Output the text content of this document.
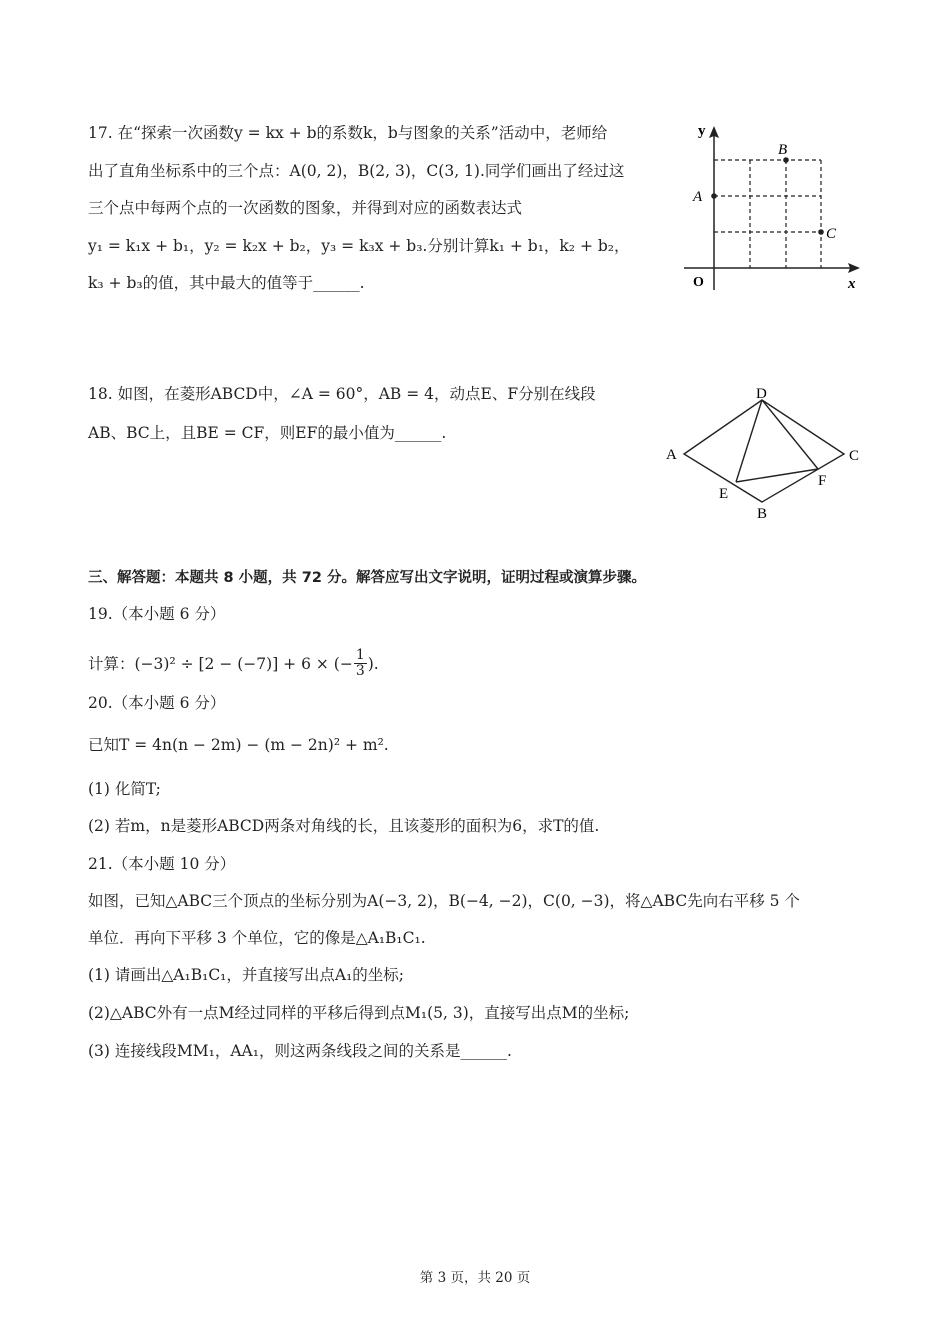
17. 在“探索一次函数y = kx + b的系数k，b与图象的关系”活动中，老师给
出了直角坐标系中的三个点：A(0, 2)，B(2, 3)，C(3, 1).同学们画出了经过这
三个点中每两个点的一次函数的图象，并得到对应的函数表达式
y₁ = k₁x + b₁，y₂ = k₂x + b₂，y₃ = k₃x + b₃.分别计算k₁ + b₁，k₂ + b₂，
k₃ + b₃的值，其中最大的值等于______.
y
x
O
A
B
C
18. 如图，在菱形ABCD中，∠A = 60°，AB = 4，动点E、F分别在线段
AB、BC上，且BE = CF，则EF的最小值为______.
A
B
C
D
E
F
三、解答题：本题共 8 小题，共 72 分。解答应写出文字说明，证明过程或演算步骤。
19.（本小题 6 分）
计算：(−3)² ÷ [2 − (−7)] + 6 × (− $\frac{1}{3}$ ).
20.（本小题 6 分）
已知T = 4n(n − 2m) − (m − 2n)² + m².
(1) 化简T;
(2) 若m，n是菱形ABCD两条对角线的长，且该菱形的面积为6，求T的值.
21.（本小题 10 分）
如图，已知△ABC三个顶点的坐标分别为A(−3, 2)，B(−4, −2)，C(0, −3)，将△ABC先向右平移 5 个
单位．再向下平移 3 个单位，它的像是△A₁B₁C₁.
(1) 请画出△A₁B₁C₁，并直接写出点A₁的坐标;
(2)△ABC外有一点M经过同样的平移后得到点M₁(5, 3)，直接写出点M的坐标;
(3) 连接线段MM₁，AA₁，则这两条线段之间的关系是______.
第 3 页，共 20 页
